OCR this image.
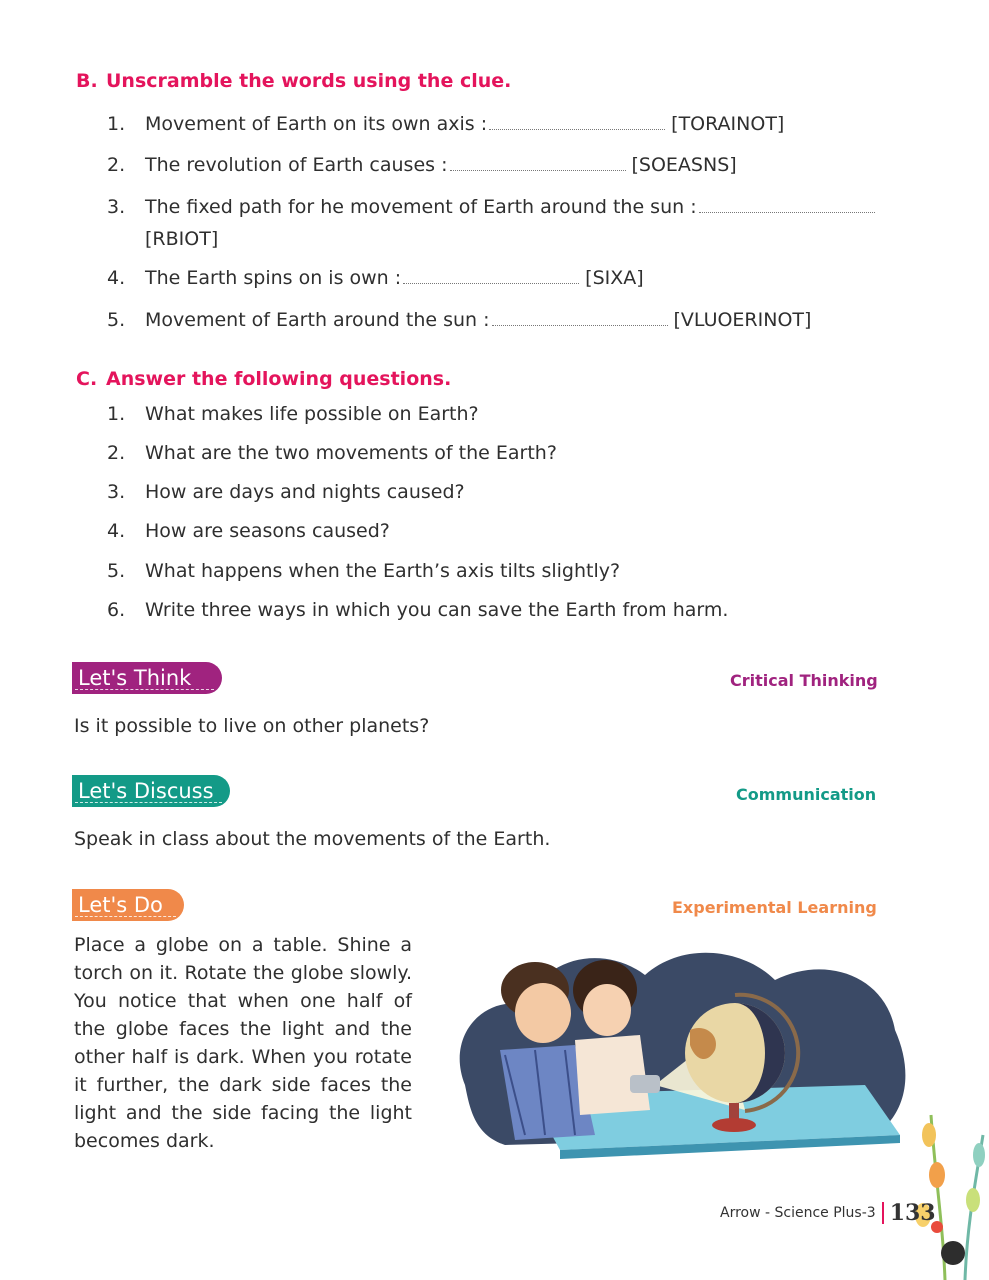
B. Unscramble the words using the clue.
1. Movement of Earth on its own axis :	[TORAINOT]
2. The revolution of Earth causes :	[SOEASNS]
3. The fixed path for he movement of Earth around the sun :
[RBIOT]
4. The Earth spins on is own :	[SIXA]
5. Movement of Earth around the sun :	[VLUOERINOT]
C. Answer the following questions.
1. What makes life possible on Earth?
2. What are the two movements of the Earth?
3. How are days and nights caused?
4. How are seasons caused?
5. What happens when the Earth’s axis tilts slightly?
6. Write three ways in which you can save the Earth from harm.
Let's Think	Critical Thinking
Is it possible to live on other planets?
Let's Discuss	Communication
Speak in class about the movements of the Earth.
Let's Do	Experimental Learning
Place a globe on a table. Shine a torch on it. Rotate the globe slowly. You notice that when one half of the globe faces the light and the other half is dark. When you rotate it further, the dark side faces the light and the side facing the light becomes dark.
Arrow - Science Plus-3 133
